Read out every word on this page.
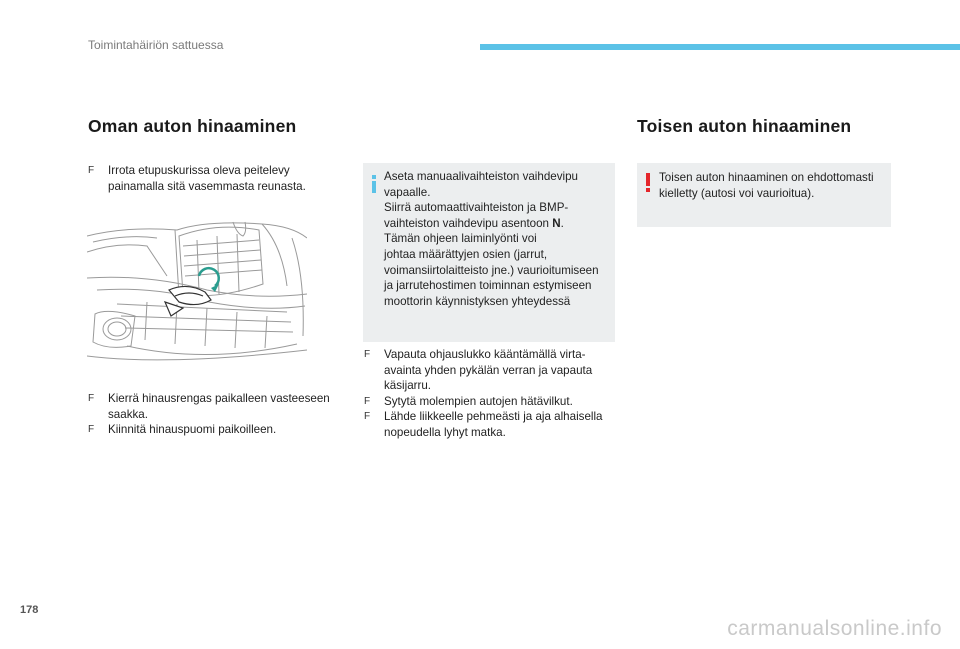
Toimintahäiriön sattuessa
Oman auton hinaaminen
F Irrota etupuskurissa oleva peitelevy painamalla sitä vasemmasta reunasta.
F Kierrä hinausrengas paikalleen vasteeseen saakka.
F Kiinnitä hinauspuomi paikoilleen.
Aseta manuaalivaihteiston vaihdevipu
vapaalle.
Siirrä automaattivaihteiston ja BMP-
vaihteiston vaihdevipu asentoon N.
Tämän ohjeen laiminlyönti voi
johtaa määrättyjen osien (jarrut,
voimansiirtolaitteisto jne.) vaurioitumiseen
ja jarrutehostimen toiminnan estymiseen
moottorin käynnistyksen yhteydessä
F Vapauta ohjauslukko kääntämällä virta-avainta yhden pykälän verran ja vapauta käsijarru.
F Sytytä molempien autojen hätävilkut.
F Lähde liikkeelle pehmeästi ja aja alhaisella nopeudella lyhyt matka.
Toisen auton hinaaminen
Toisen auton hinaaminen on ehdottomasti kielletty (autosi voi vaurioitua).
178
carmanualsonline.info
